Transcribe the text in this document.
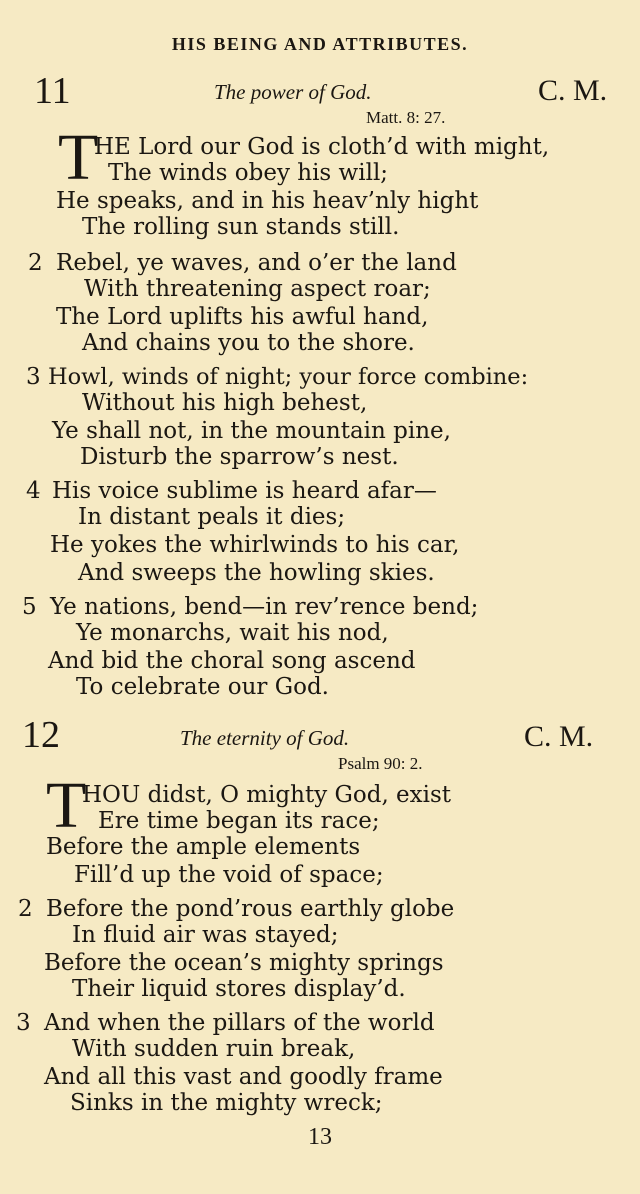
HIS BEING AND ATTRIBUTES.
11	The power of God.	C. M.
Matt. 8: 27.
T
HE Lord our God is cloth’d with might,
The winds obey his will;
He speaks, and in his heav’nly hight
The rolling sun stands still.
2 Rebel, ye waves, and o’er the land
With threatening aspect roar;
The Lord uplifts his awful hand,
And chains you to the shore.
3 Howl, winds of night; your force combine:
Without his high behest,
Ye shall not, in the mountain pine,
Disturb the sparrow’s nest.
4 His voice sublime is heard afar—
In distant peals it dies;
He yokes the whirlwinds to his car,
And sweeps the howling skies.
5 Ye nations, bend—in rev’rence bend;
Ye monarchs, wait his nod,
And bid the choral song ascend
To celebrate our God.
12	The eternity of God.	C. M.
Psalm 90: 2.
T
HOU didst, O mighty God, exist
Ere time began its race;
Before the ample elements
Fill’d up the void of space;
2 Before the pond’rous earthly globe
In fluid air was stayed;
Before the ocean’s mighty springs
Their liquid stores display’d.
3 And when the pillars of the world
With sudden ruin break,
And all this vast and goodly frame
Sinks in the mighty wreck;
13
